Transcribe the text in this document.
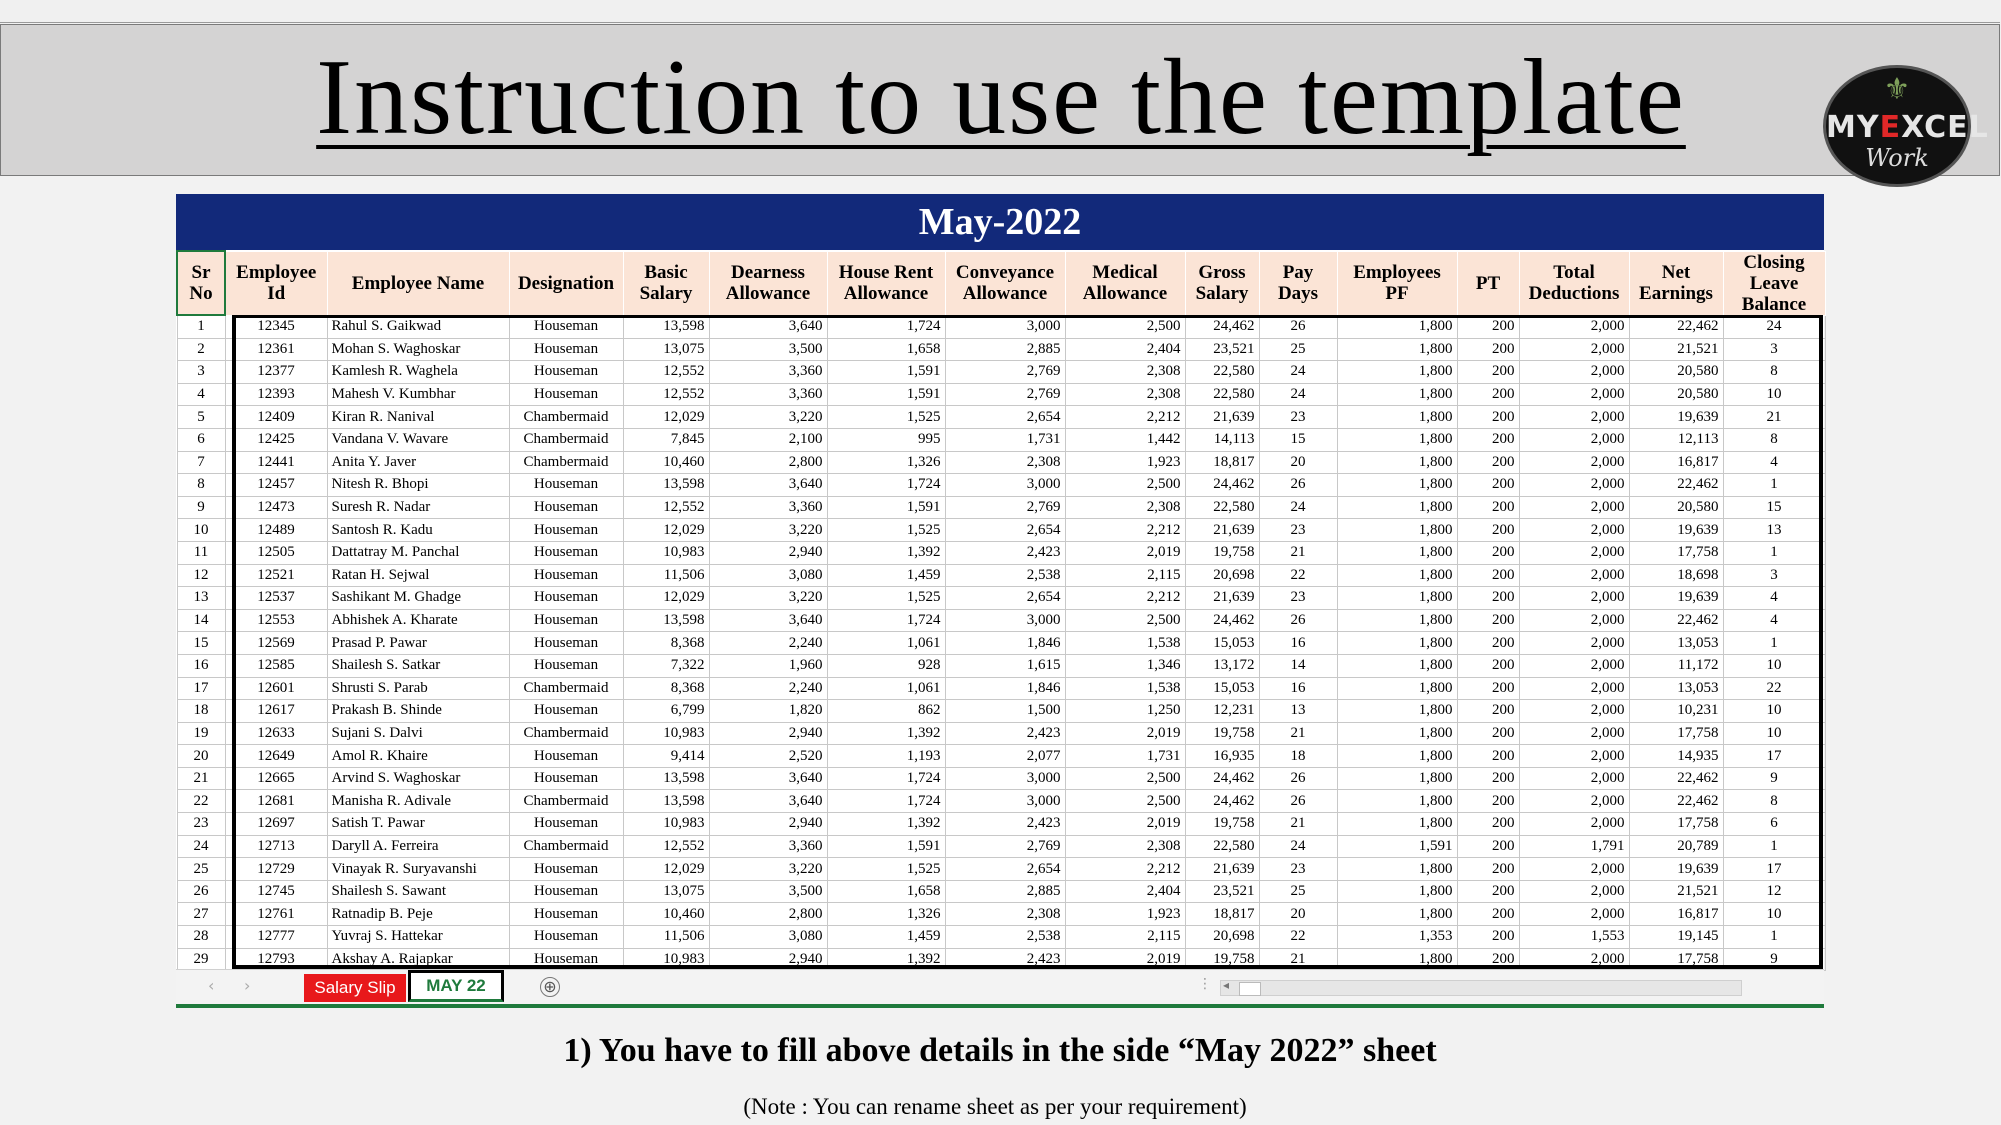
Instruction to use the template	⚜
MYEXCEL
Work
May-2022
Sr No	Employee Id	Employee Name	Designation	Basic Salary	Dearness Allowance	House Rent Allowance	Conveyance Allowance	Medical Allowance	Gross Salary	Pay Days	Employees PF	PT	Total Deductions	Net Earnings	Closing Leave Balance
1	12345	Rahul S. Gaikwad	Houseman	13,598	3,640	1,724	3,000	2,500	24,462	26	1,800	200	2,000	22,462	24
2	12361	Mohan S. Waghoskar	Houseman	13,075	3,500	1,658	2,885	2,404	23,521	25	1,800	200	2,000	21,521	3
3	12377	Kamlesh R. Waghela	Houseman	12,552	3,360	1,591	2,769	2,308	22,580	24	1,800	200	2,000	20,580	8
4	12393	Mahesh V. Kumbhar	Houseman	12,552	3,360	1,591	2,769	2,308	22,580	24	1,800	200	2,000	20,580	10
5	12409	Kiran R. Nanival	Chambermaid	12,029	3,220	1,525	2,654	2,212	21,639	23	1,800	200	2,000	19,639	21
6	12425	Vandana V. Wavare	Chambermaid	7,845	2,100	995	1,731	1,442	14,113	15	1,800	200	2,000	12,113	8
7	12441	Anita Y. Javer	Chambermaid	10,460	2,800	1,326	2,308	1,923	18,817	20	1,800	200	2,000	16,817	4
8	12457	Nitesh R. Bhopi	Houseman	13,598	3,640	1,724	3,000	2,500	24,462	26	1,800	200	2,000	22,462	1
9	12473	Suresh R. Nadar	Houseman	12,552	3,360	1,591	2,769	2,308	22,580	24	1,800	200	2,000	20,580	15
10	12489	Santosh R. Kadu	Houseman	12,029	3,220	1,525	2,654	2,212	21,639	23	1,800	200	2,000	19,639	13
11	12505	Dattatray M. Panchal	Houseman	10,983	2,940	1,392	2,423	2,019	19,758	21	1,800	200	2,000	17,758	1
12	12521	Ratan H. Sejwal	Houseman	11,506	3,080	1,459	2,538	2,115	20,698	22	1,800	200	2,000	18,698	3
13	12537	Sashikant M. Ghadge	Houseman	12,029	3,220	1,525	2,654	2,212	21,639	23	1,800	200	2,000	19,639	4
14	12553	Abhishek A. Kharate	Houseman	13,598	3,640	1,724	3,000	2,500	24,462	26	1,800	200	2,000	22,462	4
15	12569	Prasad P. Pawar	Houseman	8,368	2,240	1,061	1,846	1,538	15,053	16	1,800	200	2,000	13,053	1
16	12585	Shailesh S. Satkar	Houseman	7,322	1,960	928	1,615	1,346	13,172	14	1,800	200	2,000	11,172	10
17	12601	Shrusti S. Parab	Chambermaid	8,368	2,240	1,061	1,846	1,538	15,053	16	1,800	200	2,000	13,053	22
18	12617	Prakash B. Shinde	Houseman	6,799	1,820	862	1,500	1,250	12,231	13	1,800	200	2,000	10,231	10
19	12633	Sujani S. Dalvi	Chambermaid	10,983	2,940	1,392	2,423	2,019	19,758	21	1,800	200	2,000	17,758	10
20	12649	Amol R. Khaire	Houseman	9,414	2,520	1,193	2,077	1,731	16,935	18	1,800	200	2,000	14,935	17
21	12665	Arvind S. Waghoskar	Houseman	13,598	3,640	1,724	3,000	2,500	24,462	26	1,800	200	2,000	22,462	9
22	12681	Manisha R. Adivale	Chambermaid	13,598	3,640	1,724	3,000	2,500	24,462	26	1,800	200	2,000	22,462	8
23	12697	Satish T. Pawar	Houseman	10,983	2,940	1,392	2,423	2,019	19,758	21	1,800	200	2,000	17,758	6
24	12713	Daryll A. Ferreira	Chambermaid	12,552	3,360	1,591	2,769	2,308	22,580	24	1,591	200	1,791	20,789	1
25	12729	Vinayak R. Suryavanshi	Houseman	12,029	3,220	1,525	2,654	2,212	21,639	23	1,800	200	2,000	19,639	17
26	12745	Shailesh S. Sawant	Houseman	13,075	3,500	1,658	2,885	2,404	23,521	25	1,800	200	2,000	21,521	12
27	12761	Ratnadip B. Peje	Houseman	10,460	2,800	1,326	2,308	1,923	18,817	20	1,800	200	2,000	16,817	10
28	12777	Yuvraj S. Hattekar	Houseman	11,506	3,080	1,459	2,538	2,115	20,698	22	1,353	200	1,553	19,145	1
29	12793	Akshay A. Rajapkar	Houseman	10,983	2,940	1,392	2,423	2,019	19,758	21	1,800	200	2,000	17,758	9
‹ ›	Salary Slip	MAY 22	⊕	⋮ ◂
1) You have to fill above details in the side “May 2022” sheet
(Note : You can rename sheet as per your requirement)
